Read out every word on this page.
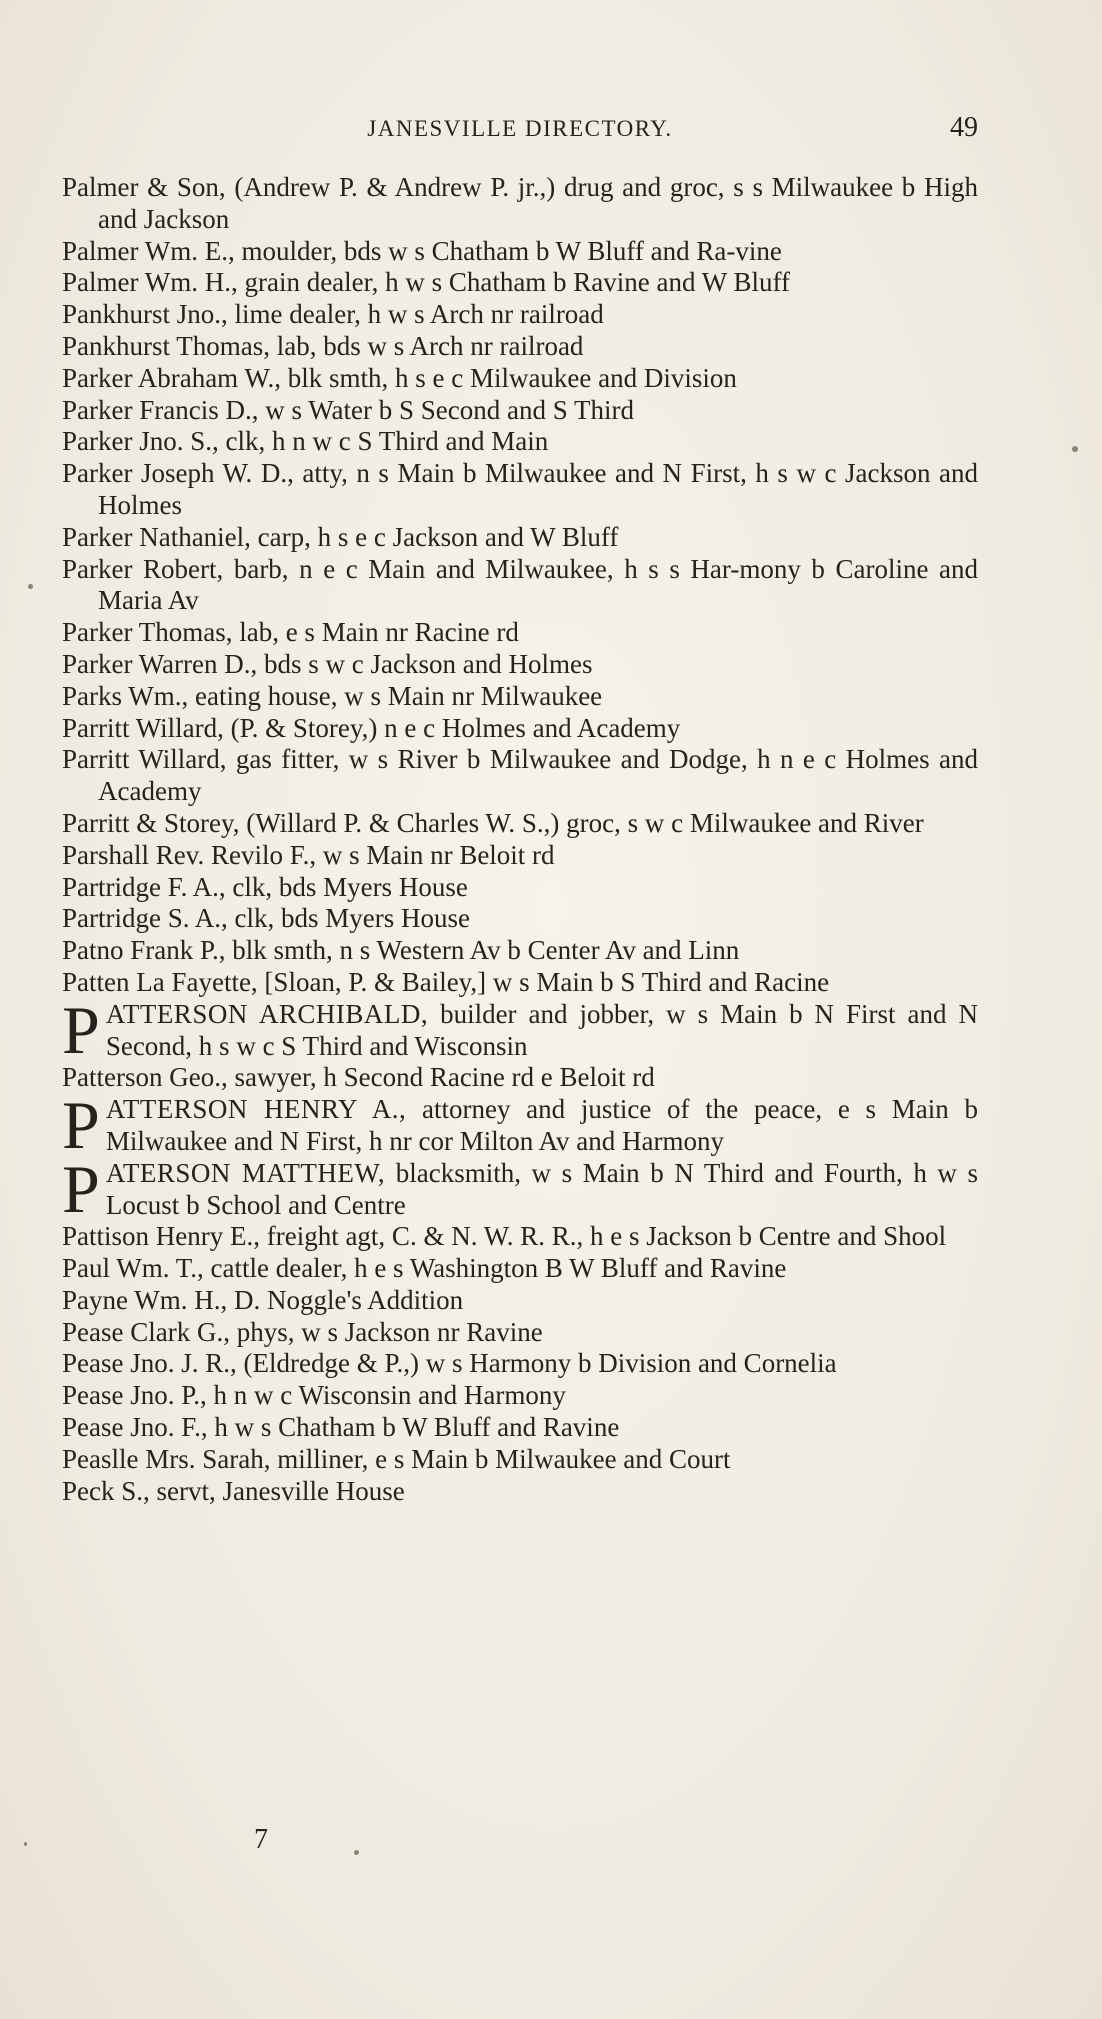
JANESVILLE DIRECTORY.	49
Palmer & Son, (Andrew P. & Andrew P. jr.,) drug and groc, s s Milwaukee b High and Jackson
Palmer Wm. E., moulder, bds w s Chatham b W Bluff and Ra-vine
Palmer Wm. H., grain dealer, h w s Chatham b Ravine and W Bluff
Pankhurst Jno., lime dealer, h w s Arch nr railroad
Pankhurst Thomas, lab, bds w s Arch nr railroad
Parker Abraham W., blk smth, h s e c Milwaukee and Division
Parker Francis D., w s Water b S Second and S Third
Parker Jno. S., clk, h n w c S Third and Main
Parker Joseph W. D., atty, n s Main b Milwaukee and N First, h s w c Jackson and Holmes
Parker Nathaniel, carp, h s e c Jackson and W Bluff
Parker Robert, barb, n e c Main and Milwaukee, h s s Har-mony b Caroline and Maria Av
Parker Thomas, lab, e s Main nr Racine rd
Parker Warren D., bds s w c Jackson and Holmes
Parks Wm., eating house, w s Main nr Milwaukee
Parritt Willard, (P. & Storey,) n e c Holmes and Academy
Parritt Willard, gas fitter, w s River b Milwaukee and Dodge, h n e c Holmes and Academy
Parritt & Storey, (Willard P. & Charles W. S.,) groc, s w c Milwaukee and River
Parshall Rev. Revilo F., w s Main nr Beloit rd
Partridge F. A., clk, bds Myers House
Partridge S. A., clk, bds Myers House
Patno Frank P., blk smth, n s Western Av b Center Av and Linn
Patten La Fayette, [Sloan, P. & Bailey,] w s Main b S Third and Racine
PATTERSON ARCHIBALD, builder and jobber, w s Main b N First and N Second, h s w c S Third and Wisconsin
Patterson Geo., sawyer, h Second Racine rd e Beloit rd
PATTERSON HENRY A., attorney and justice of the peace, e s Main b Milwaukee and N First, h nr cor Milton Av and Harmony
PATERSON MATTHEW, blacksmith, w s Main b N Third and Fourth, h w s Locust b School and Centre
Pattison Henry E., freight agt, C. & N. W. R. R., h e s Jackson b Centre and Shool
Paul Wm. T., cattle dealer, h e s Washington B W Bluff and Ravine
Payne Wm. H., D. Noggle's Addition
Pease Clark G., phys, w s Jackson nr Ravine
Pease Jno. J. R., (Eldredge & P.,) w s Harmony b Division and Cornelia
Pease Jno. P., h n w c Wisconsin and Harmony
Pease Jno. F., h w s Chatham b W Bluff and Ravine
Peaslle Mrs. Sarah, milliner, e s Main b Milwaukee and Court
Peck S., servt, Janesville House
7
